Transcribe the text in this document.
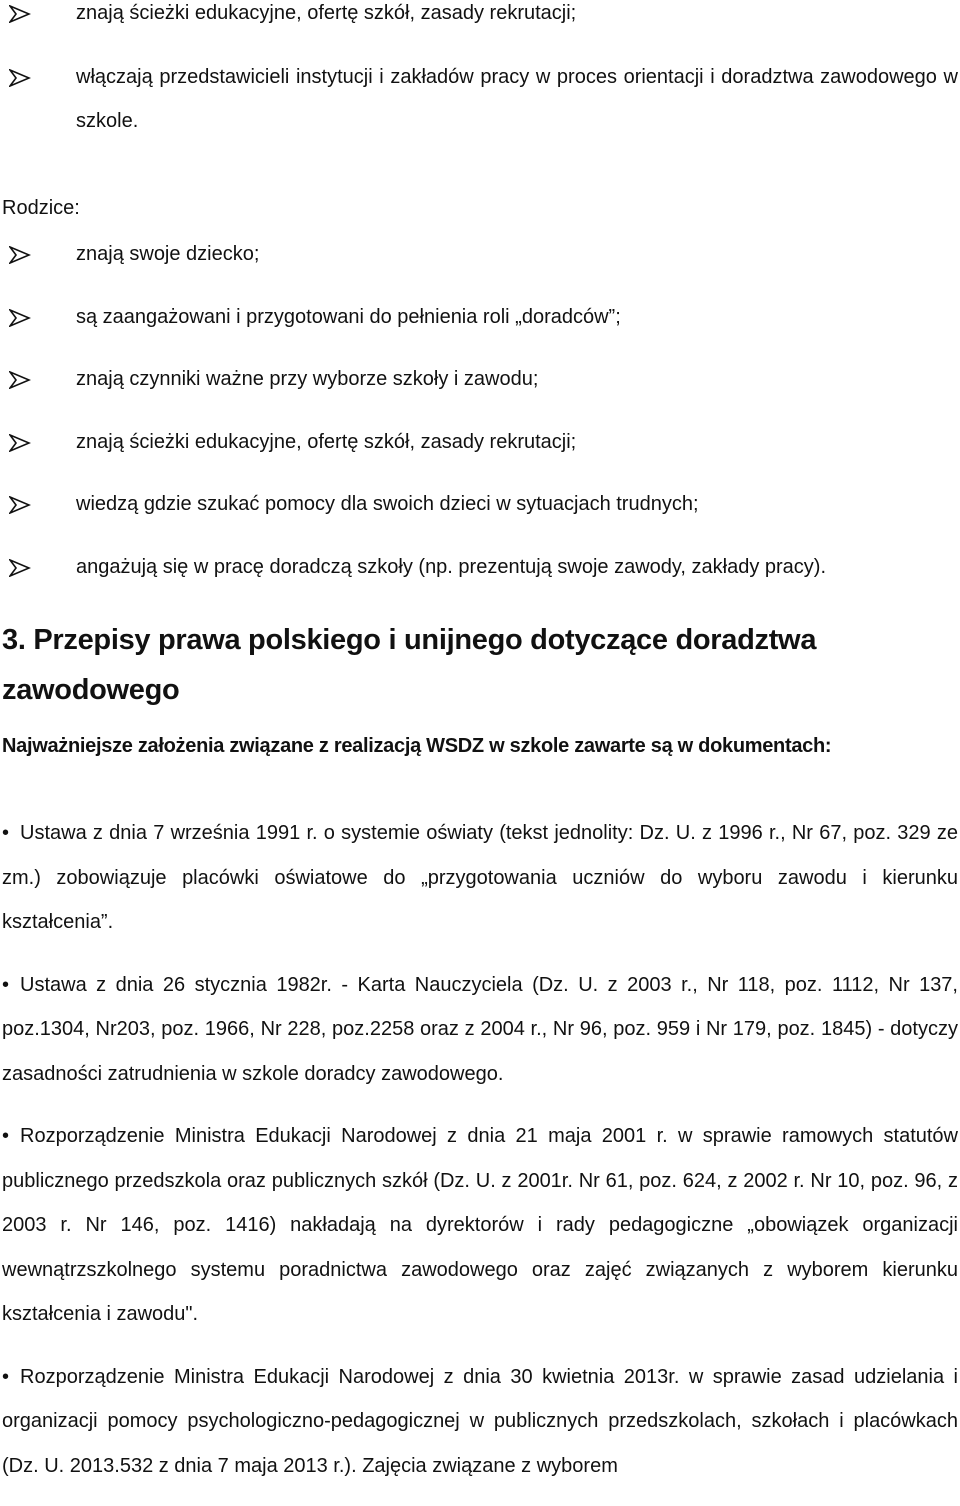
znają ścieżki edukacyjne, ofertę szkół, zasady rekrutacji;
włączają przedstawicieli instytucji i zakładów pracy w proces orientacji i doradztwa zawodowego w szkole.

Rodzice:

znają swoje dziecko;
są zaangażowani i przygotowani do pełnienia roli „doradców”;
znają czynniki ważne przy wyborze szkoły i zawodu;
znają ścieżki edukacyjne, ofertę szkół, zasady rekrutacji;
wiedzą gdzie szukać pomocy dla swoich dzieci w sytuacjach trudnych;
angażują się w pracę doradczą szkoły (np. prezentują swoje zawody, zakłady pracy).
3. Przepisy prawa polskiego i unijnego dotyczące doradztwa zawodowego

Najważniejsze założenia związane z realizacją WSDZ w szkole zawarte są w dokumentach:

• Ustawa z dnia 7 września 1991 r. o systemie oświaty (tekst jednolity: Dz. U. z 1996 r., Nr 67, poz. 329 ze zm.) zobowiązuje placówki oświatowe do „przygotowania uczniów do wyboru zawodu i kierunku kształcenia”.
• Ustawa z dnia 26 stycznia 1982r. - Karta Nauczyciela (Dz. U. z 2003 r., Nr 118, poz. 1112, Nr 137, poz.1304, Nr203, poz. 1966, Nr 228, poz.2258 oraz z 2004 r., Nr 96, poz. 959 i Nr 179, poz. 1845) - dotyczy zasadności zatrudnienia w szkole doradcy zawodowego.
• Rozporządzenie Ministra Edukacji Narodowej z dnia 21 maja 2001 r. w sprawie ramowych statutów publicznego przedszkola oraz publicznych szkół (Dz. U. z 2001r. Nr 61, poz. 624, z 2002 r. Nr 10, poz. 96, z 2003 r. Nr 146, poz. 1416) nakładają na dyrektorów i rady pedagogiczne „obowiązek organizacji wewnątrzszkolnego systemu poradnictwa zawodowego oraz zajęć związanych z wyborem kierunku kształcenia i zawodu".
• Rozporządzenie Ministra Edukacji Narodowej z dnia 30 kwietnia 2013r. w sprawie zasad udzielania i organizacji pomocy psychologiczno-pedagogicznej w publicznych przedszkolach, szkołach i placówkach (Dz. U. 2013.532 z dnia 7 maja 2013 r.). Zajęcia związane z wyborem
